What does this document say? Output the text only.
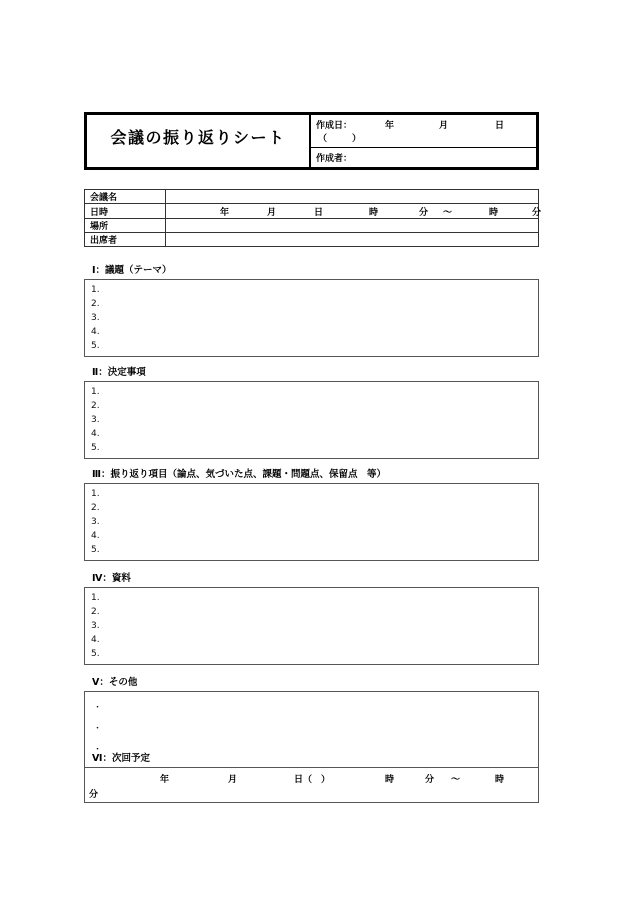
会議の振り返りシート
作成日：	年	月	日
（　）
作成者：
会議名	
日時	年	月	日	時	分 ～	時	分

場所	
出席者	
Ⅰ：議題（テーマ）
1.
2.
3.
4.
5.
Ⅱ：決定事項
1.
2.
3.
4.
5.
Ⅲ：振り返り項目（論点、気づいた点、課題・問題点、保留点　等）
1.
2.
3.
4.
5.
Ⅳ：資料
1.
2.
3.
4.
5.
Ⅴ：その他
・
・
・
Ⅵ：次回予定
年	月	日（　）	時	分 ～	時
分
